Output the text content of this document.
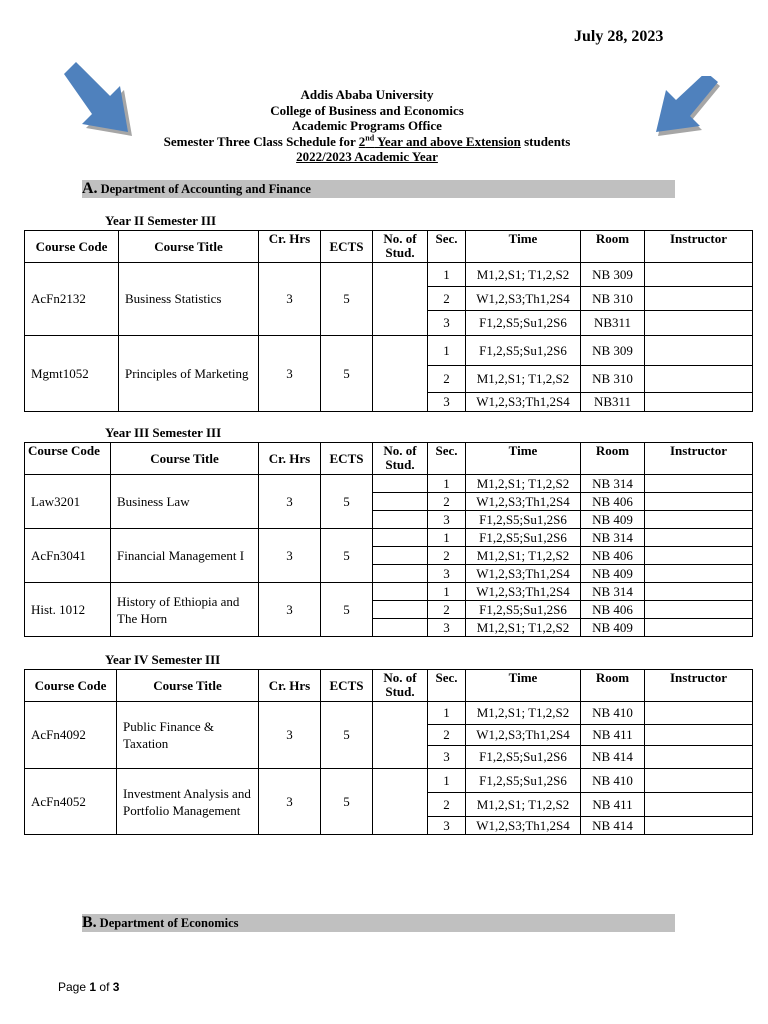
July 28, 2023
Addis Ababa University
College of Business and Economics
Academic Programs Office
Semester Three Class Schedule for 2nd Year and above Extension students
2022/2023 Academic Year
A. Department of Accounting and Finance
Year II Semester III
Course Code	Course Title	Cr. Hrs	ECTS	No. of Stud.	Sec.	Time	Room	Instructor
AcFn2132	Business Statistics	3	5		1	M1,2,S1; T1,2,S2	NB 309	
					2	W1,2,S3;Th1,2S4	NB 310	
					3	F1,2,S5;Su1,2S6	NB311	
Mgmt1052	Principles of Marketing	3	5		1	F1,2,S5;Su1,2S6	NB 309	
					2	M1,2,S1; T1,2,S2	NB 310	
					3	W1,2,S3;Th1,2S4	NB311	
Year III Semester III
Course Code	Course Title	Cr. Hrs	ECTS	No. of Stud.	Sec.	Time	Room	Instructor
Law3201	Business Law	3	5		1	M1,2,S1; T1,2,S2	NB 314	
					2	W1,2,S3;Th1,2S4	NB 406	
					3	F1,2,S5;Su1,2S6	NB 409	
AcFn3041	Financial Management I	3	5		1	F1,2,S5;Su1,2S6	NB 314	
					2	M1,2,S1; T1,2,S2	NB 406	
					3	W1,2,S3;Th1,2S4	NB 409	
Hist. 1012	History of Ethiopia and The Horn	3	5		1	W1,2,S3;Th1,2S4	NB 314	
					2	F1,2,S5;Su1,2S6	NB 406	
					3	M1,2,S1; T1,2,S2	NB 409	
Year IV Semester III
Course Code	Course Title	Cr. Hrs	ECTS	No. of Stud.	Sec.	Time	Room	Instructor
AcFn4092	Public Finance & Taxation	3	5		1	M1,2,S1; T1,2,S2	NB 410	
					2	W1,2,S3;Th1,2S4	NB 411	
					3	F1,2,S5;Su1,2S6	NB 414	
AcFn4052	Investment Analysis and Portfolio Management	3	5		1	F1,2,S5;Su1,2S6	NB 410	
					2	M1,2,S1; T1,2,S2	NB 411	
					3	W1,2,S3;Th1,2S4	NB 414	
B. Department of Economics
Page 1 of 3
